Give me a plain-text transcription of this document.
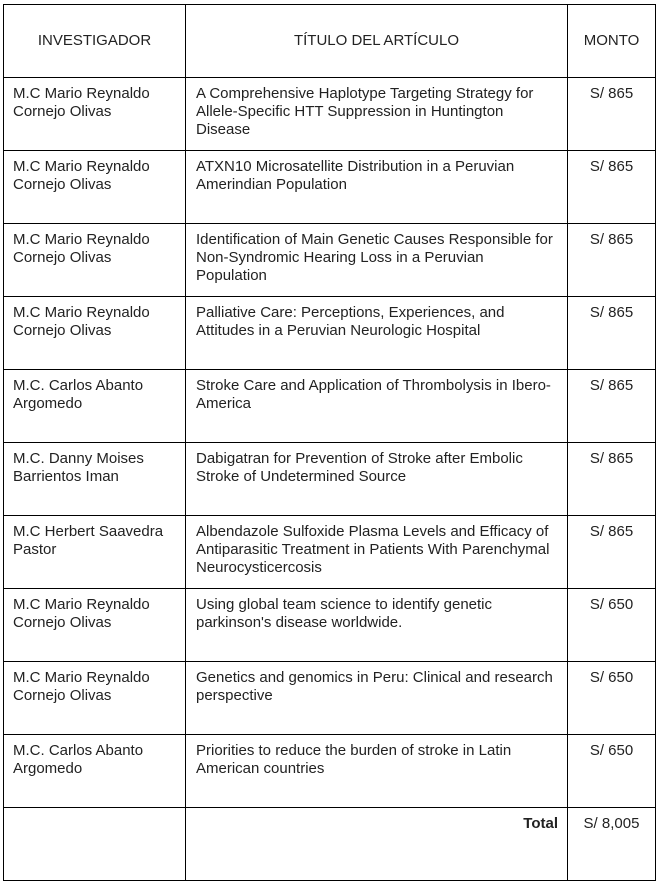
INVESTIGADOR	TÍTULO DEL ARTÍCULO	MONTO
M.C Mario Reynaldo Cornejo Olivas	A Comprehensive Haplotype Targeting Strategy for Allele-Specific HTT Suppression in Huntington Disease	S/ 865
M.C Mario Reynaldo Cornejo Olivas	ATXN10 Microsatellite Distribution in a Peruvian Amerindian Population	S/ 865
M.C Mario Reynaldo Cornejo Olivas	Identification of Main Genetic Causes Responsible for Non-Syndromic Hearing Loss in a Peruvian Population	S/ 865
M.C Mario Reynaldo Cornejo Olivas	Palliative Care: Perceptions, Experiences, and Attitudes in a Peruvian Neurologic Hospital	S/ 865
M.C. Carlos Abanto Argomedo	Stroke Care and Application of Thrombolysis in Ibero-America	S/ 865
M.C. Danny Moises Barrientos Iman	Dabigatran for Prevention of Stroke after Embolic Stroke of Undetermined Source	S/ 865
M.C Herbert Saavedra Pastor	Albendazole Sulfoxide Plasma Levels and Efficacy of Antiparasitic Treatment in Patients With Parenchymal Neurocysticercosis	S/ 865
M.C Mario Reynaldo Cornejo Olivas	Using global team science to identify genetic parkinson's disease worldwide.	S/ 650
M.C Mario Reynaldo Cornejo Olivas	Genetics and genomics in Peru: Clinical and research perspective	S/ 650
M.C. Carlos Abanto Argomedo	Priorities to reduce the burden of stroke in Latin American countries	S/ 650
	Total	S/ 8,005
